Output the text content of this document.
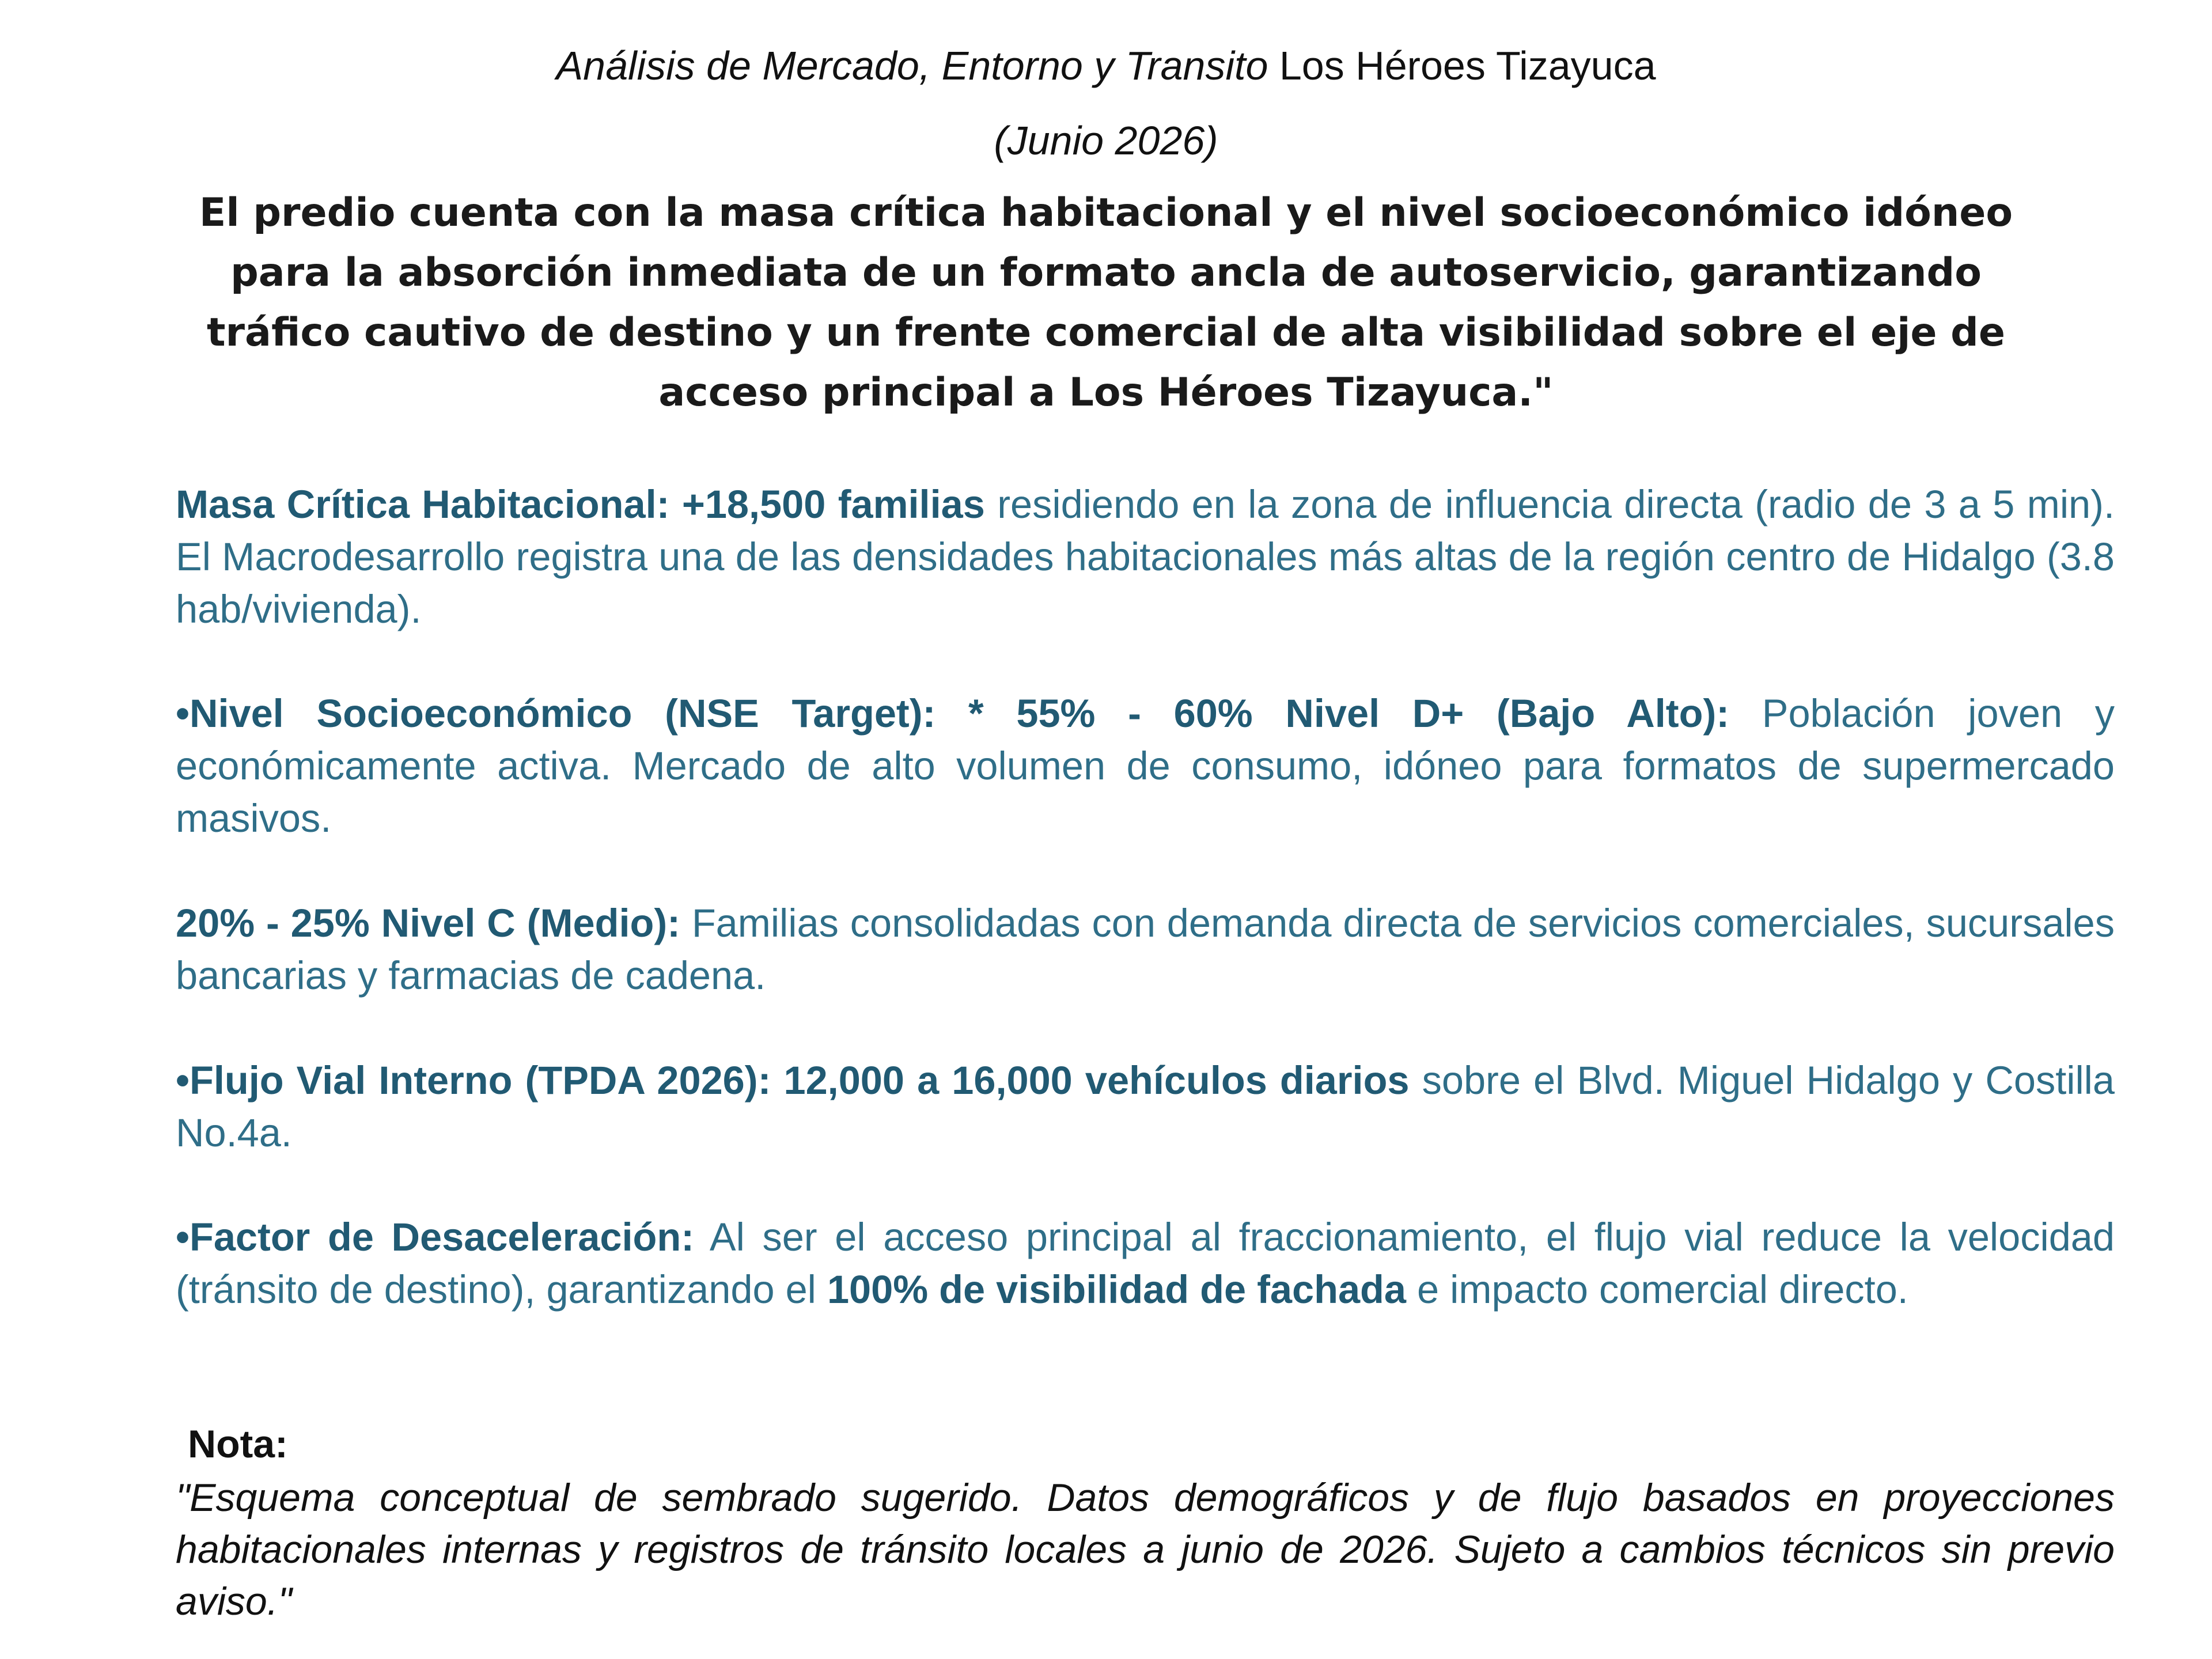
Análisis de Mercado, Entorno y Transito Los Héroes Tizayuca
(Junio 2026)
El predio cuenta con la masa crítica habitacional y el nivel socioeconómico idóneo para la absorción inmediata de un formato ancla de autoservicio, garantizando tráfico cautivo de destino y un frente comercial de alta visibilidad sobre el eje de acceso principal a Los Héroes Tizayuca."
Masa Crítica Habitacional: +18,500 familias residiendo en la zona de influencia directa (radio de 3 a 5 min). El Macrodesarrollo registra una de las densidades habitacionales más altas de la región centro de Hidalgo (3.8 hab/vivienda).
•Nivel Socioeconómico (NSE Target): * 55% - 60% Nivel D+ (Bajo Alto): Población joven y económicamente activa. Mercado de alto volumen de consumo, idóneo para formatos de supermercado masivos.
20% - 25% Nivel C (Medio): Familias consolidadas con demanda directa de servicios comerciales, sucursales bancarias y farmacias de cadena.
•Flujo Vial Interno (TPDA 2026): 12,000 a 16,000 vehículos diarios sobre el Blvd. Miguel Hidalgo y Costilla No.4a.
•Factor de Desaceleración: Al ser el acceso principal al fraccionamiento, el flujo vial reduce la velocidad (tránsito de destino), garantizando el 100% de visibilidad de fachada e impacto comercial directo.
Nota:
"Esquema conceptual de sembrado sugerido. Datos demográficos y de flujo basados en proyecciones habitacionales internas y registros de tránsito locales a junio de 2026. Sujeto a cambios técnicos sin previo aviso."
